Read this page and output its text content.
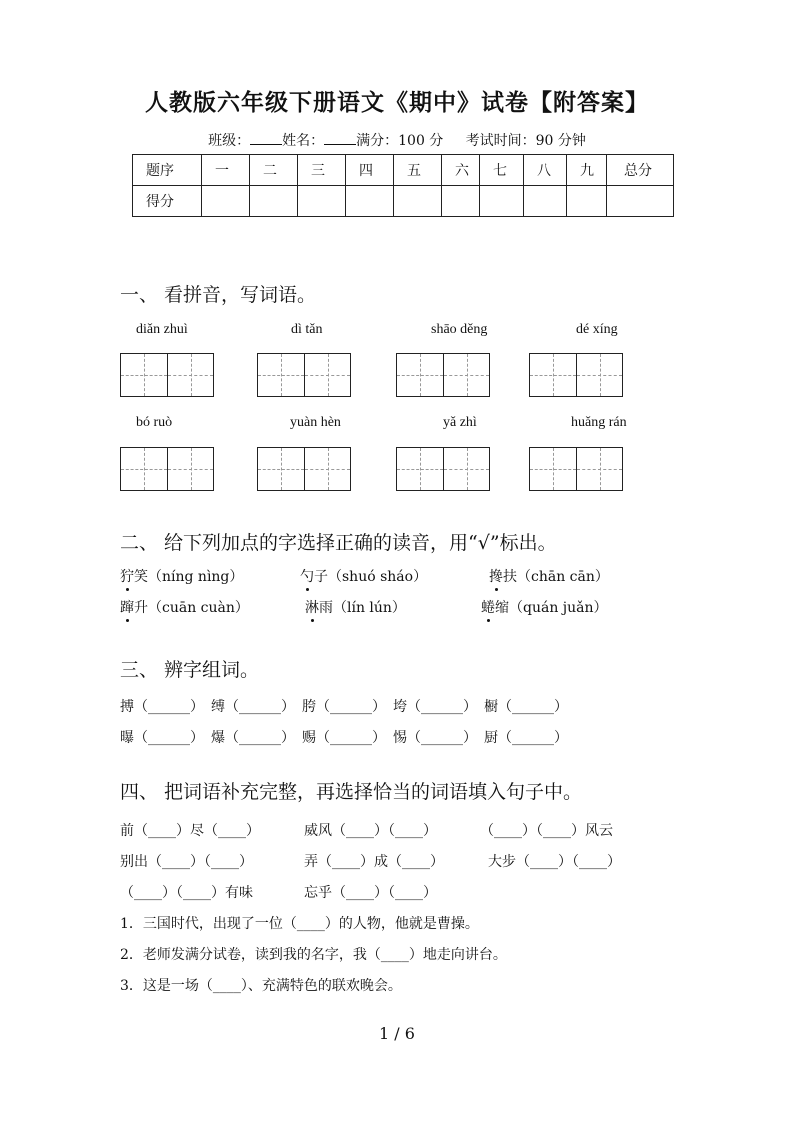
人教版六年级下册语文《期中》试卷【附答案】
班级： 姓名： 满分：100 分 考试时间：90 分钟
题序	一	二	三	四	五	六	七	八	九	总分
得分										
一、 看拼音，写词语。
diǎn zhuì	dì tǎn	shāo děng	dé xíng
bó ruò	yuàn hèn	yǎ zhì	huǎng rán
二、 给下列加点的字选择正确的读音，用“√”标出。
狞笑（níng nìng）	勺子（shuó sháo）	搀扶（chān cān）
蹿升（cuān cuàn）	淋雨（lín lún）	蜷缩（quán juǎn）
三、 辨字组词。
搏（______）　缚（______）　胯（______）　垮（______）　橱（______）
曝（______）　爆（______）　赐（______）　惕（______）　厨（______）
四、 把词语补充完整，再选择恰当的词语填入句子中。
前（____）尽（____）	威风（____）（____）	（____）（____）风云
别出（____）（____）	弄（____）成（____）	大步（____）（____）
（____）（____）有味	忘乎（____）（____）
1．三国时代，出现了一位（____）的人物，他就是曹操。
2．老师发满分试卷，读到我的名字，我（____）地走向讲台。
3．这是一场（____）、充满特色的联欢晚会。
1 / 6
